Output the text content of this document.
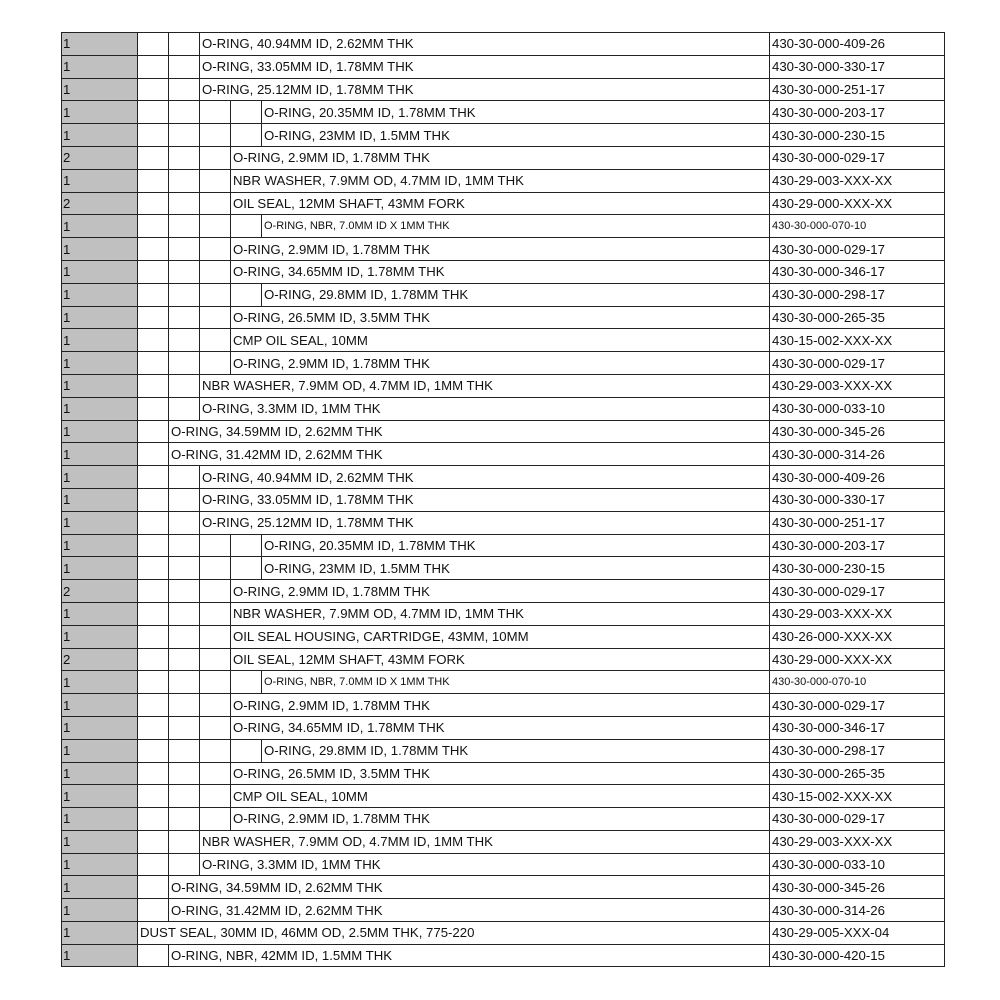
1	O-RING, 40.94MM ID, 2.62MM THK	430-30-000-409-26
1	O-RING, 33.05MM ID, 1.78MM THK	430-30-000-330-17
1	O-RING, 25.12MM ID, 1.78MM THK	430-30-000-251-17
1	O-RING, 20.35MM ID, 1.78MM THK	430-30-000-203-17
1	O-RING, 23MM ID, 1.5MM THK	430-30-000-230-15
2	O-RING, 2.9MM ID, 1.78MM THK	430-30-000-029-17
1	NBR WASHER, 7.9MM OD, 4.7MM ID, 1MM THK	430-29-003-XXX-XX
2	OIL SEAL, 12MM SHAFT, 43MM FORK	430-29-000-XXX-XX
1	O-RING, NBR, 7.0MM ID X 1MM THK	430-30-000-070-10
1	O-RING, 2.9MM ID, 1.78MM THK	430-30-000-029-17
1	O-RING, 34.65MM ID, 1.78MM THK	430-30-000-346-17
1	O-RING, 29.8MM ID, 1.78MM THK	430-30-000-298-17
1	O-RING, 26.5MM ID, 3.5MM THK	430-30-000-265-35
1	CMP OIL SEAL, 10MM	430-15-002-XXX-XX
1	O-RING, 2.9MM ID, 1.78MM THK	430-30-000-029-17
1	NBR WASHER, 7.9MM OD, 4.7MM ID, 1MM THK	430-29-003-XXX-XX
1	O-RING, 3.3MM ID, 1MM THK	430-30-000-033-10
1	O-RING, 34.59MM ID, 2.62MM THK	430-30-000-345-26
1	O-RING, 31.42MM ID, 2.62MM THK	430-30-000-314-26
1	O-RING, 40.94MM ID, 2.62MM THK	430-30-000-409-26
1	O-RING, 33.05MM ID, 1.78MM THK	430-30-000-330-17
1	O-RING, 25.12MM ID, 1.78MM THK	430-30-000-251-17
1	O-RING, 20.35MM ID, 1.78MM THK	430-30-000-203-17
1	O-RING, 23MM ID, 1.5MM THK	430-30-000-230-15
2	O-RING, 2.9MM ID, 1.78MM THK	430-30-000-029-17
1	NBR WASHER, 7.9MM OD, 4.7MM ID, 1MM THK	430-29-003-XXX-XX
1	OIL SEAL HOUSING, CARTRIDGE, 43MM, 10MM	430-26-000-XXX-XX
2	OIL SEAL, 12MM SHAFT, 43MM FORK	430-29-000-XXX-XX
1	O-RING, NBR, 7.0MM ID X 1MM THK	430-30-000-070-10
1	O-RING, 2.9MM ID, 1.78MM THK	430-30-000-029-17
1	O-RING, 34.65MM ID, 1.78MM THK	430-30-000-346-17
1	O-RING, 29.8MM ID, 1.78MM THK	430-30-000-298-17
1	O-RING, 26.5MM ID, 3.5MM THK	430-30-000-265-35
1	CMP OIL SEAL, 10MM	430-15-002-XXX-XX
1	O-RING, 2.9MM ID, 1.78MM THK	430-30-000-029-17
1	NBR WASHER, 7.9MM OD, 4.7MM ID, 1MM THK	430-29-003-XXX-XX
1	O-RING, 3.3MM ID, 1MM THK	430-30-000-033-10
1	O-RING, 34.59MM ID, 2.62MM THK	430-30-000-345-26
1	O-RING, 31.42MM ID, 2.62MM THK	430-30-000-314-26
1	DUST SEAL, 30MM ID, 46MM OD, 2.5MM THK, 775-220	430-29-005-XXX-04
1	O-RING, NBR, 42MM ID, 1.5MM THK	430-30-000-420-15
